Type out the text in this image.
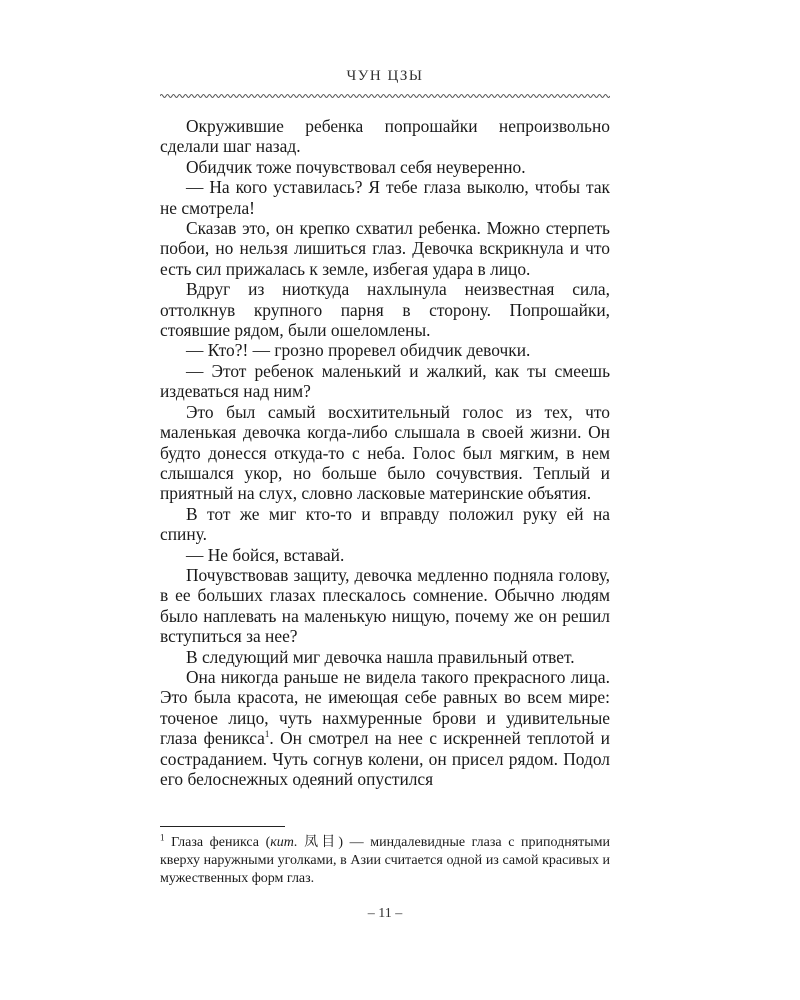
ЧУН ЦЗЫ

Окружившие ребенка попрошайки непроизвольно сделали шаг назад.

Обидчик тоже почувствовал себя неуверенно.

— На кого уставилась? Я тебе глаза выколю, чтобы так не смотрела!

Сказав это, он крепко схватил ребенка. Можно стерпеть побои, но нельзя лишиться глаз. Девочка вскрикнула и что есть сил прижалась к земле, избегая удара в лицо.

Вдруг из ниоткуда нахлынула неизвестная сила, оттолкнув крупного парня в сторону. Попрошайки, стоявшие рядом, были ошеломлены.

— Кто?! — грозно проревел обидчик девочки.

— Этот ребенок маленький и жалкий, как ты смеешь издеваться над ним?

Это был самый восхитительный голос из тех, что маленькая девочка когда-либо слышала в своей жизни. Он будто донесся откуда-то с неба. Голос был мягким, в нем слышался укор, но больше было сочувствия. Теплый и приятный на слух, словно ласковые материнские объятия.

В тот же миг кто-то и вправду положил руку ей на спину.

— Не бойся, вставай.

Почувствовав защиту, девочка медленно подняла голову, в ее больших глазах плескалось сомнение. Обычно людям было наплевать на маленькую нищую, почему же он решил вступиться за нее?

В следующий миг девочка нашла правильный ответ.

Она никогда раньше не видела такого прекрасного лица. Это была красота, не имеющая себе равных во всем мире: точеное лицо, чуть нахмуренные брови и удивительные глаза феникса$^1$. Он смотрел на нее с искренней теплотой и состраданием. Чуть согнув колени, он присел рядом. Подол его белоснежных одеяний опустился

$^1$ Глаза феникса (кит. 凤目) — миндалевидные глаза с приподнятыми кверху наружными уголками, в Азии считается одной из самой красивых и мужественных форм глаз.
– 11 –
